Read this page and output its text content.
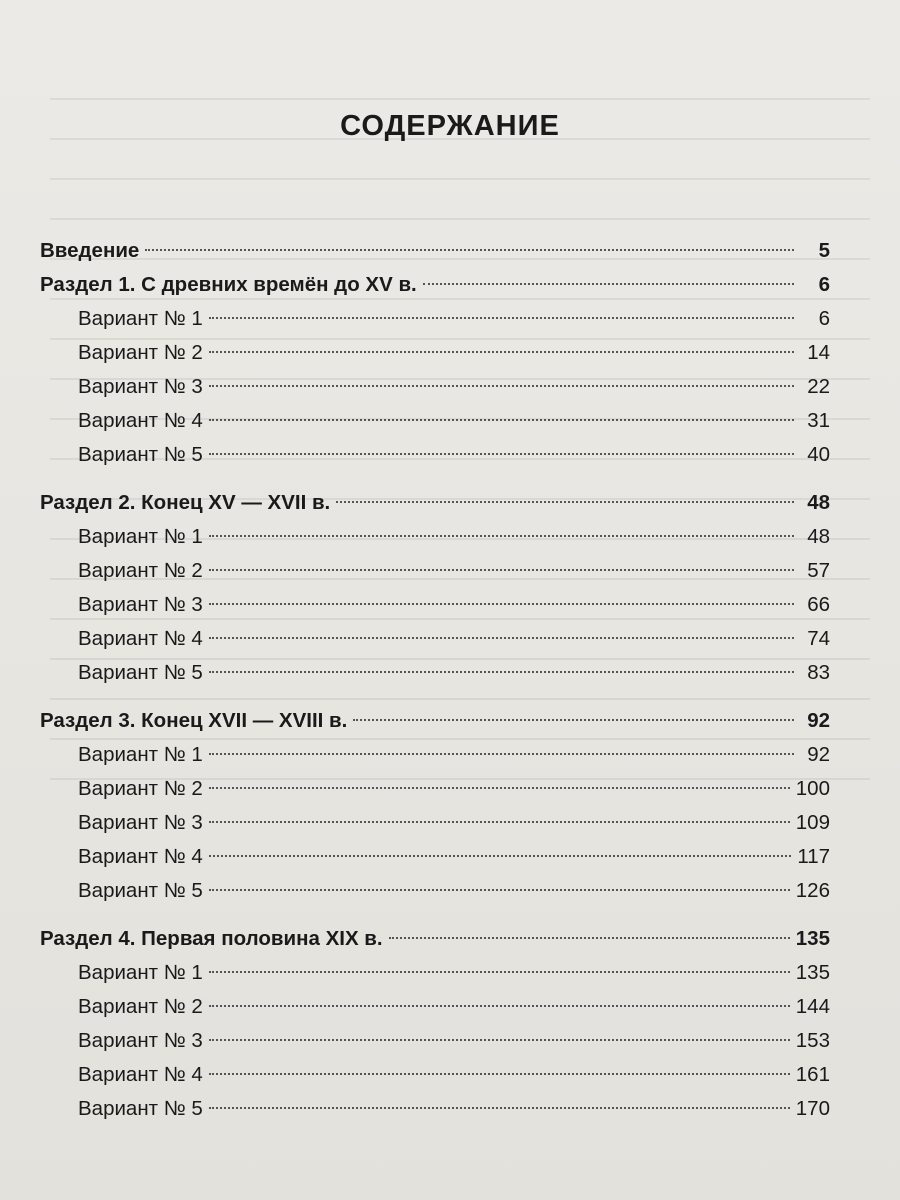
СОДЕРЖАНИЕ
Введение	5
Раздел 1. С древних времён до XV в.	6
Вариант № 1	6
Вариант № 2	14
Вариант № 3	22
Вариант № 4	31
Вариант № 5	40
Раздел 2. Конец XV — XVII в.	48
Вариант № 1	48
Вариант № 2	57
Вариант № 3	66
Вариант № 4	74
Вариант № 5	83
Раздел 3. Конец XVII — XVIII в.	92
Вариант № 1	92
Вариант № 2	100
Вариант № 3	109
Вариант № 4	117
Вариант № 5	126
Раздел 4. Первая половина XIX в.	135
Вариант № 1	135
Вариант № 2	144
Вариант № 3	153
Вариант № 4	161
Вариант № 5	170
